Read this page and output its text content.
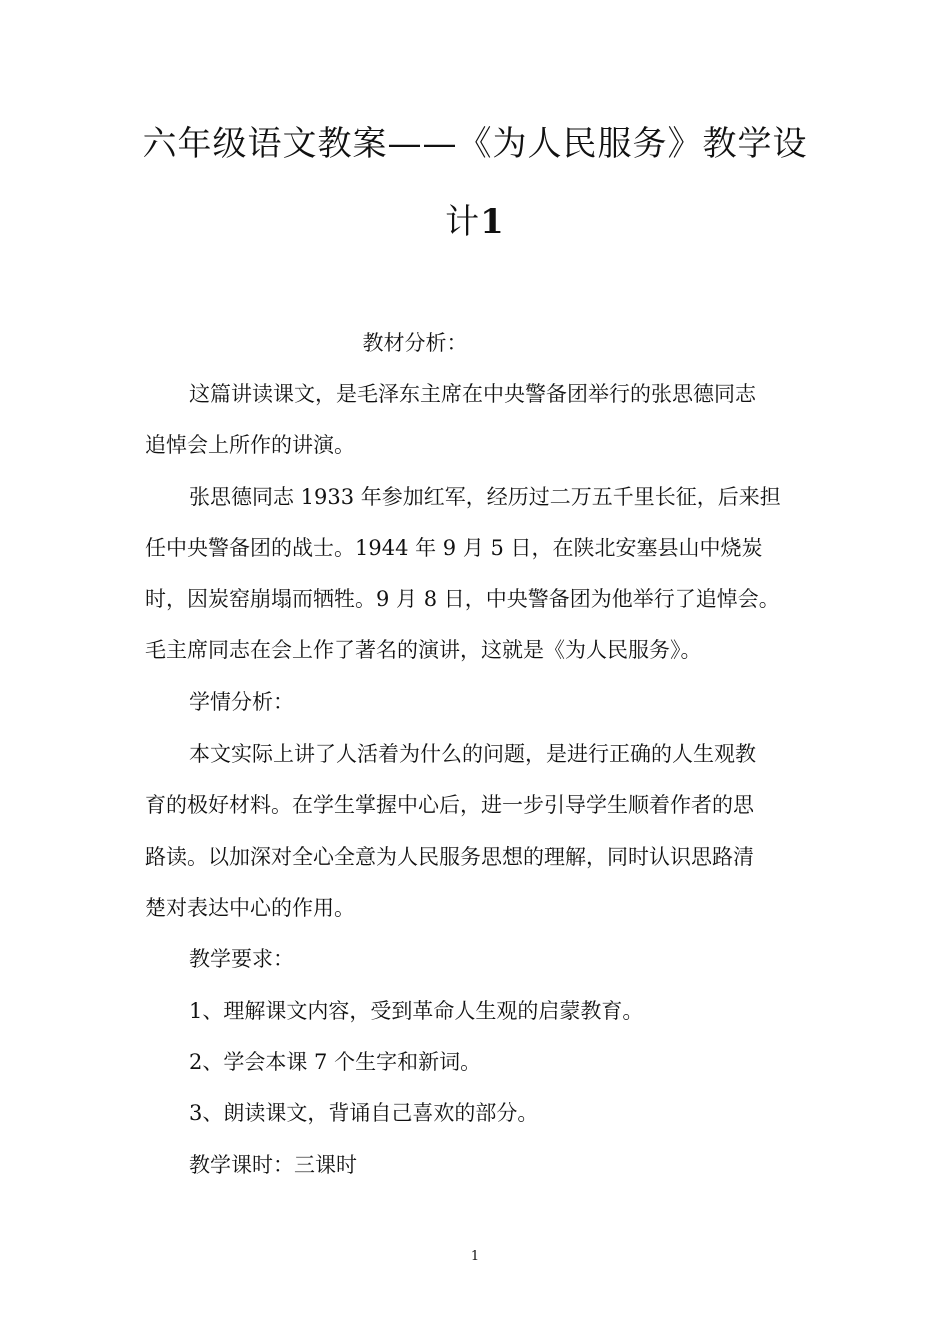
六年级语文教案——《为人民服务》教学设
计1

教材分析：

这篇讲读课文，是毛泽东主席在中央警备团举行的张思德同志

追悼会上所作的讲演。

张思德同志 1933 年参加红军，经历过二万五千里长征，后来担

任中央警备团的战士。1944 年 9 月 5 日，在陕北安塞县山中烧炭

时，因炭窑崩塌而牺牲。9 月 8 日，中央警备团为他举行了追悼会。

毛主席同志在会上作了著名的演讲，这就是《为人民服务》。

学情分析：

本文实际上讲了人活着为什么的问题，是进行正确的人生观教

育的极好材料。在学生掌握中心后，进一步引导学生顺着作者的思

路读。以加深对全心全意为人民服务思想的理解，同时认识思路清

楚对表达中心的作用。

教学要求：

1、理解课文内容，受到革命人生观的启蒙教育。

2、学会本课 7 个生字和新词。

3、朗读课文，背诵自己喜欢的部分。

教学课时：三课时

1
